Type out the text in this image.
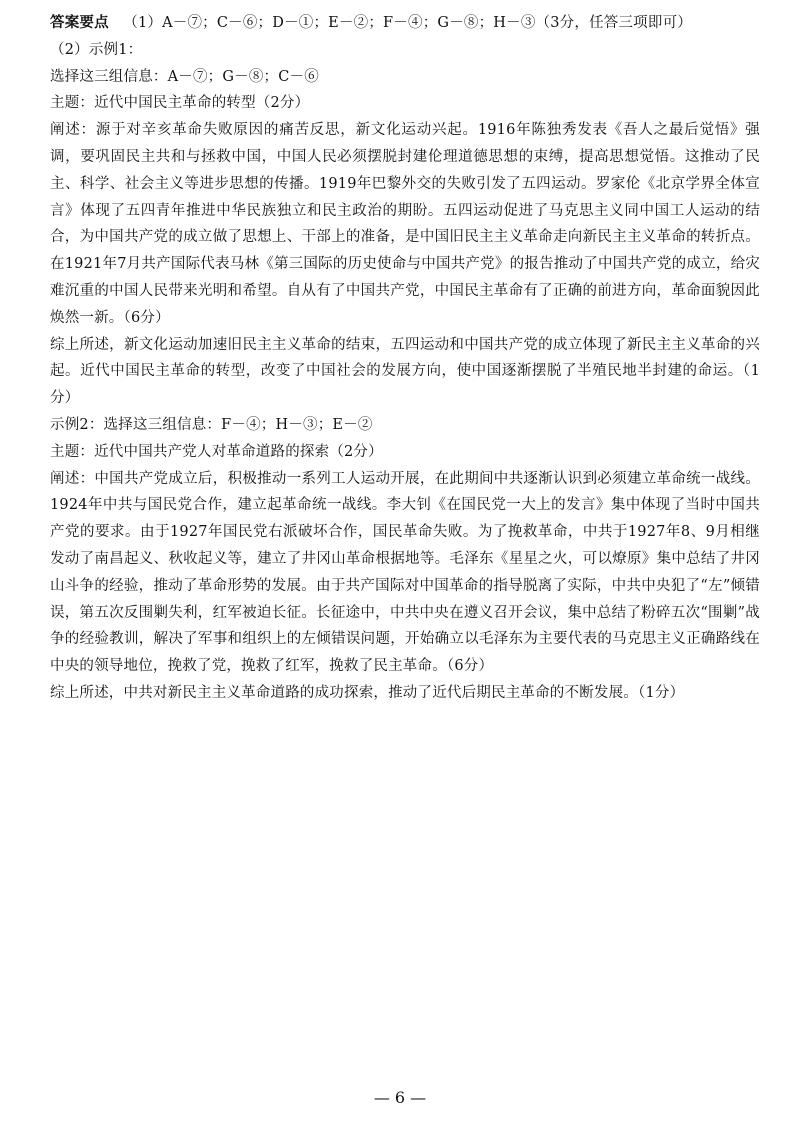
答案要点 （1）A－⑦；C－⑥；D－①；E－②；F－④；G－⑧；H－③（3分，任答三项即可）
（2）示例1：
选择这三组信息：A－⑦；G－⑧；C－⑥
主题：近代中国民主革命的转型（2分）
阐述：源于对辛亥革命失败原因的痛苦反思，新文化运动兴起。1916年陈独秀发表《吾人之最后觉悟》强调，要巩固民主共和与拯救中国，中国人民必须摆脱封建伦理道德思想的束缚，提高思想觉悟。这推动了民主、科学、社会主义等进步思想的传播。1919年巴黎外交的失败引发了五四运动。罗家伦《北京学界全体宣言》体现了五四青年推进中华民族独立和民主政治的期盼。五四运动促进了马克思主义同中国工人运动的结合，为中国共产党的成立做了思想上、干部上的准备，是中国旧民主主义革命走向新民主主义革命的转折点。在1921年7月共产国际代表马林《第三国际的历史使命与中国共产党》的报告推动了中国共产党的成立，给灾难沉重的中国人民带来光明和希望。自从有了中国共产党，中国民主革命有了正确的前进方向，革命面貌因此焕然一新。（6分）
综上所述，新文化运动加速旧民主主义革命的结束，五四运动和中国共产党的成立体现了新民主主义革命的兴起。近代中国民主革命的转型，改变了中国社会的发展方向，使中国逐渐摆脱了半殖民地半封建的命运。（1分）
示例2：选择这三组信息：F－④；H－③；E－②
主题：近代中国共产党人对革命道路的探索（2分）
阐述：中国共产党成立后，积极推动一系列工人运动开展，在此期间中共逐渐认识到必须建立革命统一战线。1924年中共与国民党合作，建立起革命统一战线。李大钊《在国民党一大上的发言》集中体现了当时中国共产党的要求。由于1927年国民党右派破坏合作，国民革命失败。为了挽救革命，中共于1927年8、9月相继发动了南昌起义、秋收起义等，建立了井冈山革命根据地等。毛泽东《星星之火，可以燎原》集中总结了井冈山斗争的经验，推动了革命形势的发展。由于共产国际对中国革命的指导脱离了实际，中共中央犯了“左”倾错误，第五次反围剿失利，红军被迫长征。长征途中，中共中央在遵义召开会议，集中总结了粉碎五次“围剿”战争的经验教训，解决了军事和组织上的左倾错误问题，开始确立以毛泽东为主要代表的马克思主义正确路线在中央的领导地位，挽救了党，挽救了红军，挽救了民主革命。（6分）
综上所述，中共对新民主主义革命道路的成功探索，推动了近代后期民主革命的不断发展。（1分）
— 6 —
